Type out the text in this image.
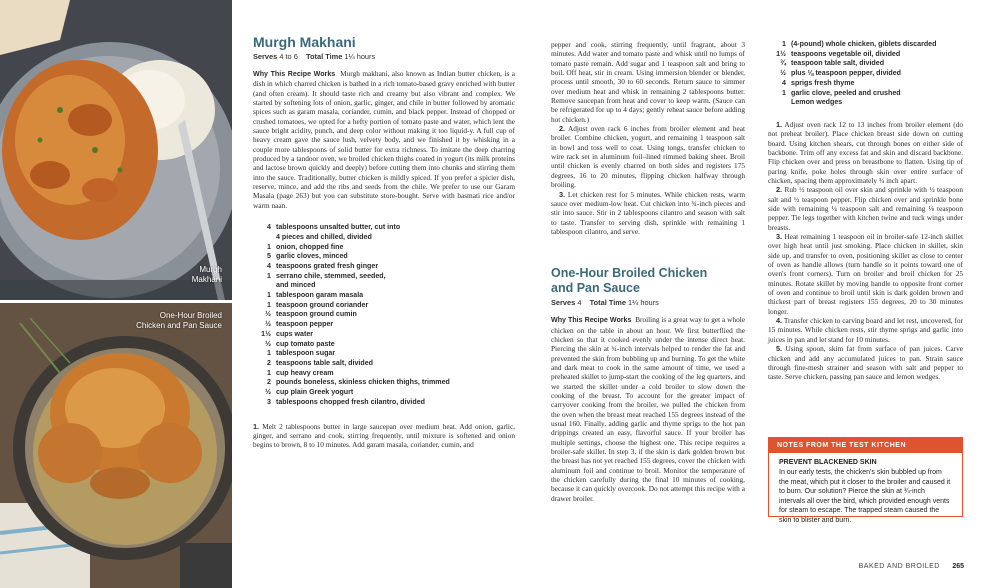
Murgh
Makhani
One-Hour Broiled
Chicken and Pan Sauce
Murgh Makhani
Serves 4 to 6 Total Time 1¼ hours

Why This Recipe Works Murgh makhani, also known as Indian butter chicken, is a dish in which charred chicken is bathed in a rich tomato-based gravy enriched with butter (and often cream). It should taste rich and creamy but also vibrant and complex. We started by softening lots of onion, garlic, ginger, and chile in butter followed by aromatic spices such as garam masala, coriander, cumin, and black pepper. Instead of chopped or crushed tomatoes, we opted for a hefty portion of tomato paste and water, which lent the sauce bright acidity, punch, and deep color without making it too liquid-y. A full cup of heavy cream gave the sauce lush, velvety body, and we finished it by whisking in a couple more tablespoons of solid butter for extra richness. To imitate the deep charring produced by a tandoor oven, we broiled chicken thighs coated in yogurt (its milk proteins and lactose brown quickly and deeply) before cutting them into chunks and stirring them into the sauce. Traditionally, butter chicken is mildly spiced. If you prefer a spicier dish, reserve, mince, and add the ribs and seeds from the chile. We prefer to use our Garam Masala (page 263) but you can substitute store-bought. Serve with basmati rice and/or warm naan.

4 tablespoons unsalted butter, cut into
4 pieces and chilled, divided
1 onion, chopped fine
5 garlic cloves, minced
4 teaspoons grated fresh ginger
1 serrano chile, stemmed, seeded,
and minced
1 tablespoon garam masala
1 teaspoon ground coriander
½ teaspoon ground cumin
½ teaspoon pepper
1½ cups water
½ cup tomato paste
1 tablespoon sugar
2 teaspoons table salt, divided
1 cup heavy cream
2 pounds boneless, skinless chicken thighs, trimmed
½ cup plain Greek yogurt
3 tablespoons chopped fresh cilantro, divided

1. Melt 2 tablespoons butter in large saucepan over medium heat. Add onion, garlic, ginger, and serrano and cook, stirring frequently, until mixture is softened and onion begins to brown, 8 to 10 minutes. Add garam masala, coriander, cumin, and

pepper and cook, stirring frequently, until fragrant, about 3 minutes. Add water and tomato paste and whisk until no lumps of tomato paste remain. Add sugar and 1 teaspoon salt and bring to boil. Off heat, stir in cream. Using immersion blender or blender, process until smooth, 30 to 60 seconds. Return sauce to simmer over medium heat and whisk in remaining 2 tablespoons butter. Remove saucepan from heat and cover to keep warm. (Sauce can be refrigerated for up to 4 days; gently reheat sauce before adding hot chicken.)

2. Adjust oven rack 6 inches from broiler element and heat broiler. Combine chicken, yogurt, and remaining 1 teaspoon salt in bowl and toss well to coat. Using tongs, transfer chicken to wire rack set in aluminum foil–lined rimmed baking sheet. Broil until chicken is evenly charred on both sides and registers 175 degrees, 16 to 20 minutes, flipping chicken halfway through broiling.

3. Let chicken rest for 5 minutes. While chicken rests, warm sauce over medium-low heat. Cut chicken into ¾-inch pieces and stir into sauce. Stir in 2 tablespoons cilantro and season with salt to taste. Transfer to serving dish, sprinkle with remaining 1 tablespoon cilantro, and serve.

One-Hour Broiled Chicken and Pan Sauce
Serves 4 Total Time 1¼ hours

Why This Recipe Works Broiling is a great way to get a whole chicken on the table in about an hour. We first butterflied the chicken so that it cooked evenly under the intense direct heat. Piercing the skin at ¾-inch intervals helped to render the fat and prevented the skin from bubbling up and burning. To get the white and dark meat to cook in the same amount of time, we used a preheated skillet to jump-start the cooking of the leg quarters, and we started the skillet under a cold broiler to slow down the cooking of the breast. To account for the greater impact of carryover cooking from the broiler, we pulled the chicken from the oven when the breast meat reached 155 degrees instead of the usual 160. Finally, adding garlic and thyme sprigs to the hot pan drippings created an easy, flavorful sauce. If your broiler has multiple settings, choose the highest one. This recipe requires a broiler-safe skillet. In step 3, if the skin is dark golden brown but the breast has not yet reached 155 degrees, cover the chicken with aluminum foil and continue to broil. Monitor the temperature of the chicken carefully during the final 10 minutes of cooking, because it can quickly overcook. Do not attempt this recipe with a drawer broiler.

1 (4-pound) whole chicken, giblets discarded
1½ teaspoons vegetable oil, divided
¾ teaspoon table salt, divided
½ plus ⅛ teaspoon pepper, divided
4 sprigs fresh thyme
1 garlic clove, peeled and crushed
Lemon wedges

1. Adjust oven rack 12 to 13 inches from broiler element (do not preheat broiler). Place chicken breast side down on cutting board. Using kitchen shears, cut through bones on either side of backbone. Trim off any excess fat and skin and discard backbone. Flip chicken over and press on breastbone to flatten. Using tip of paring knife, poke holes through skin over entire surface of chicken, spacing them approximately ¾ inch apart.

2. Rub ½ teaspoon oil over skin and sprinkle with ½ teaspoon salt and ½ teaspoon pepper. Flip chicken over and sprinkle bone side with remaining ¼ teaspoon salt and remaining ⅛ teaspoon pepper. Tie legs together with kitchen twine and tuck wings under breasts.

3. Heat remaining 1 teaspoon oil in broiler-safe 12-inch skillet over high heat until just smoking. Place chicken in skillet, skin side up, and transfer to oven, positioning skillet as close to center of oven as handle allows (turn handle so it points toward one of oven's front corners). Turn on broiler and broil chicken for 25 minutes. Rotate skillet by moving handle to opposite front corner of oven and continue to broil until skin is dark golden brown and thickest part of breast registers 155 degrees, 20 to 30 minutes longer.

4. Transfer chicken to carving board and let rest, uncovered, for 15 minutes. While chicken rests, stir thyme sprigs and garlic into juices in pan and let stand for 10 minutes.

5. Using spoon, skim fat from surface of pan juices. Carve chicken and add any accumulated juices to pan. Strain sauce through fine-mesh strainer and season with salt and pepper to taste. Serve chicken, passing pan sauce and lemon wedges.

NOTES FROM THE TEST KITCHEN
PREVENT BLACKENED SKIN
In our early tests, the chicken's skin bubbled up from the meat, which put it closer to the broiler and caused it to burn. Our solution? Pierce the skin at ¾-inch intervals all over the bird, which provided enough vents for steam to escape. The trapped steam caused the skin to blister and burn.
BAKED AND BROILED 265
